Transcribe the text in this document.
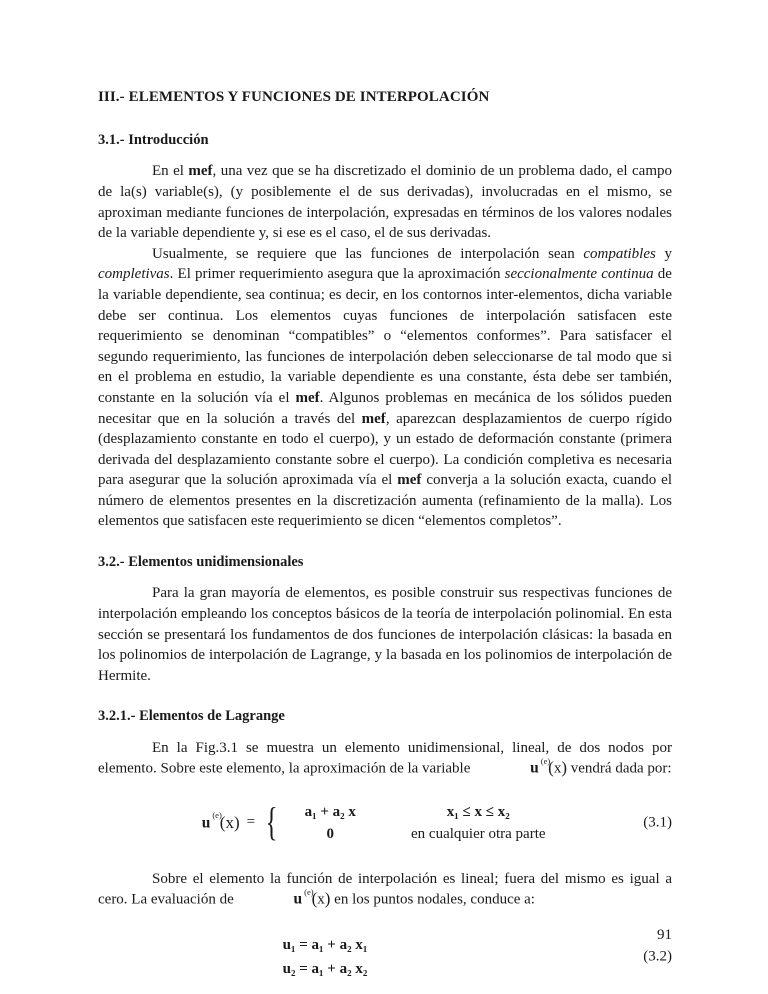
III.- ELEMENTOS Y FUNCIONES DE INTERPOLACIÓN
3.1.- Introducción

En el mef, una vez que se ha discretizado el dominio de un problema dado, el campo de la(s) variable(s), (y posiblemente el de sus derivadas), involucradas en el mismo, se aproximan mediante funciones de interpolación, expresadas en términos de los valores nodales de la variable dependiente y, si ese es el caso, el de sus derivadas.

Usualmente, se requiere que las funciones de interpolación sean compatibles y completivas. El primer requerimiento asegura que la aproximación seccionalmente continua de la variable dependiente, sea continua; es decir, en los contornos inter-elementos, dicha variable debe ser continua. Los elementos cuyas funciones de interpolación satisfacen este requerimiento se denominan “compatibles” o “elementos conformes”. Para satisfacer el segundo requerimiento, las funciones de interpolación deben seleccionarse de tal modo que si en el problema en estudio, la variable dependiente es una constante, ésta debe ser también, constante en la solución vía el mef. Algunos problemas en mecánica de los sólidos pueden necesitar que en la solución a través del mef, aparezcan desplazamientos de cuerpo rígido (desplazamiento constante en todo el cuerpo), y un estado de deformación constante (primera derivada del desplazamiento constante sobre el cuerpo). La condición completiva es necesaria para asegurar que la solución aproximada vía el mef converja a la solución exacta, cuando el número de elementos presentes en la discretización aumenta (refinamiento de la malla). Los elementos que satisfacen este requerimiento se dicen “elementos completos”.

3.2.- Elementos unidimensionales

Para la gran mayoría de elementos, es posible construir sus respectivas funciones de interpolación empleando los conceptos básicos de la teoría de interpolación polinomial. En esta sección se presentará los fundamentos de dos funciones de interpolación clásicas: la basada en los polinomios de interpolación de Lagrange, y la basada en los polinomios de interpolación de Hermite.

3.2.1.- Elementos de Lagrange

En la Fig.3.1 se muestra un elemento unidimensional, lineal, de dos nodos por elemento. Sobre este elemento, la aproximación de la variable	u $^{(e)}$(x) vendrá dada por:

u $^{(e)}$(x) = {	a₁ + a₂ x	x₁ ≤ x ≤ x₂
0	en cualquier otra parte
(3.1)

Sobre el elemento la función de interpolación es lineal; fuera del mismo es igual a cero. La evaluación de	u $^{(e)}$(x) en los puntos nodales, conduce a:

u₁ = a₁ + a₂ x₁
u₂ = a₁ + a₂ x₂
(3.2)
91
